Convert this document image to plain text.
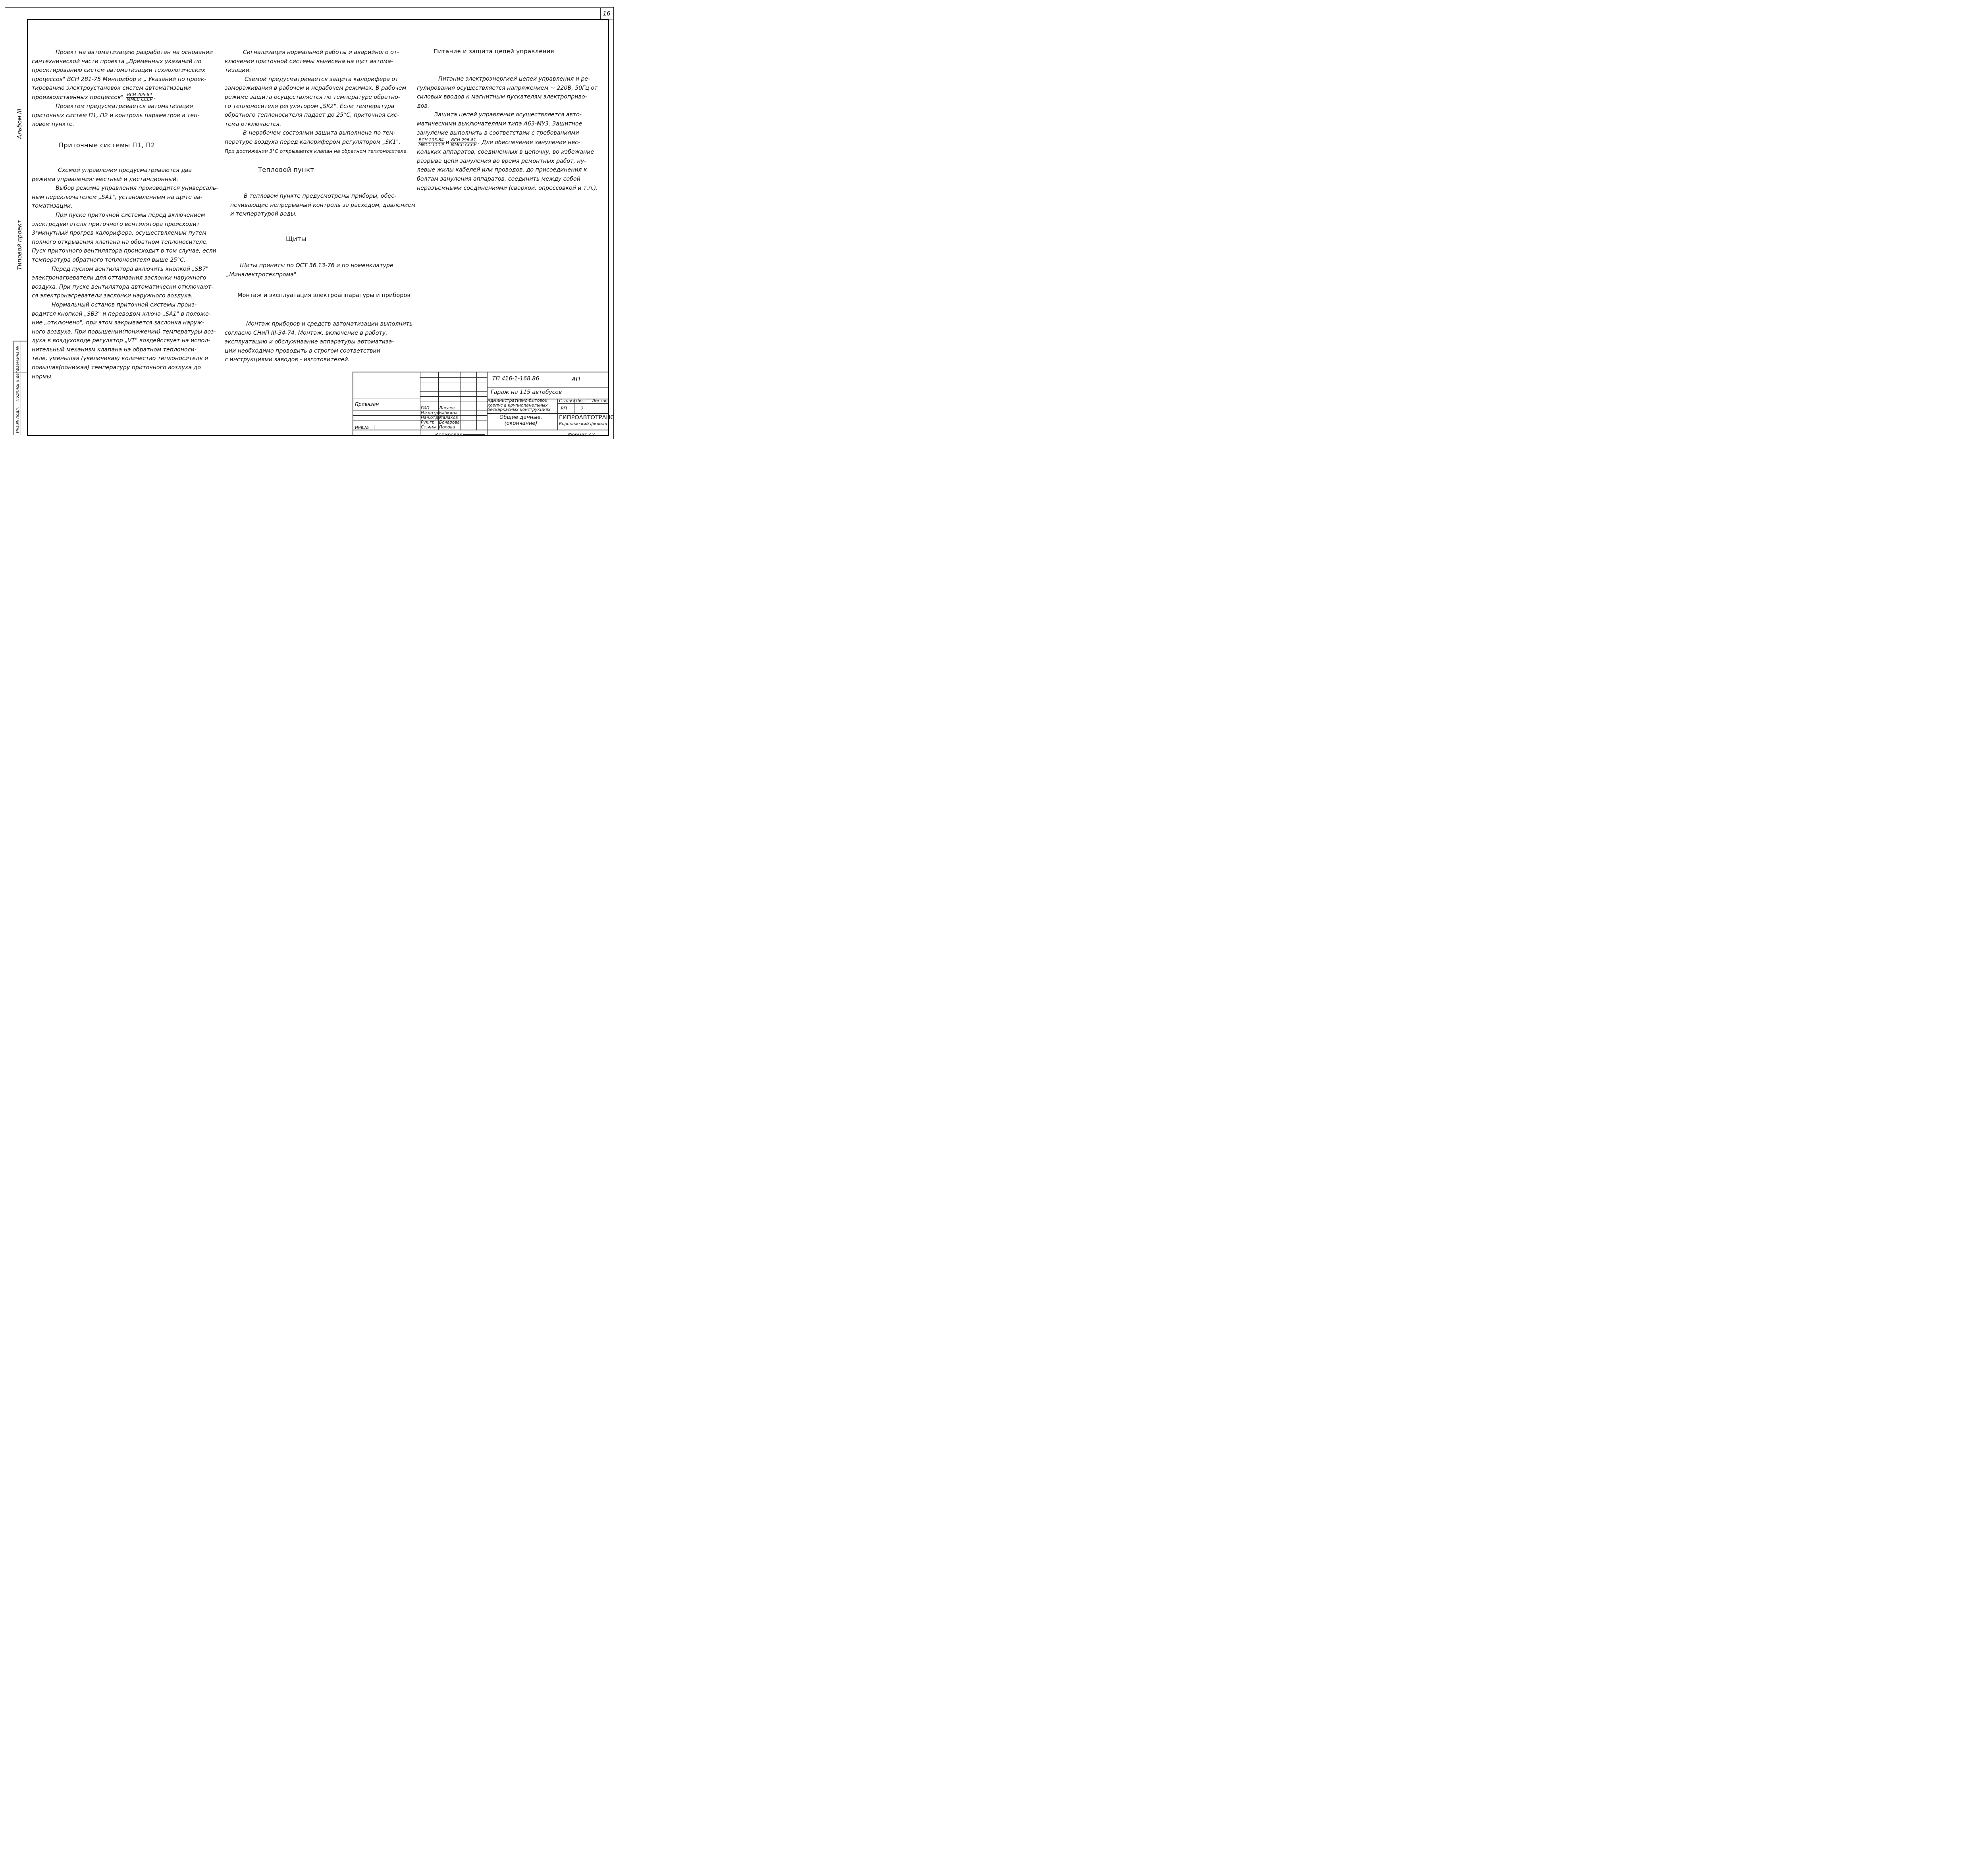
16
Альбом III
Типовой проект
Инв.№ подл.
Подпись и дата
Взам.инв.№

Проект на автоматизацию разработан на основании

сантехнической части проекта „Временных указаний по

проектированию систем автоматизации технологических

процессов" ВСН 281-75 Минприбор и „ Указаний по проек-

тированию электроустановок систем автоматизации

производственных процессов" $\frac{\text{ВСН 205-84}}{\text{ММСС СССР}}$ .

Проектом предусматривается автоматизация

приточных систем П1, П2 и контроль параметров в теп-

ловом пункте.

Приточные системы П1, П2

Схемой управления предусматриваются два

режима управления: местный и дистанционный.

Выбор режима управления производится универсаль-

ным переключателем „SA1", установленным на щите ав-

томатизации.

При пуске приточной системы перед включением

электродвигателя приточного вентилятора происходит

3ˣминутный прогрев калорифера, осуществляемый путем

полного открывания клапана на обратном теплоносителе.

Пуск приточного вентилятора происходит в том случае, если

температура обратного теплоносителя выше 25°С.

Перед пуском вентилятора включить кнопкой „SB7"

электронагреватели для оттаивания заслонки наружного

воздуха. При пуске вентилятора автоматически отключают-

ся электронагреватели заслонки наружного воздуха.

Нормальный останов приточной системы произ-

водится кнопкой „SB3" и переводом ключа „SA1" в положе-

ние „отключено", при этом закрывается заслонка наруж-

ного воздуха. При повышении(понижении) температуры воз-

духа в воздуховоде регулятор „VT" воздействует на испол-

нительный механизм клапана на обратном теплоноси-

теле, уменьшая (увеличивая) количество теплоносителя и

повышая(понижая) температуру приточного воздуха до

нормы.

Сигнализация нормальной работы и аварийного от-

ключения приточной системы вынесена на щит автома-

тизации.

Схемой предусматривается защита калорифера от

замораживания в рабочем и нерабочем режимах. В рабочем

режиме защита осуществляется по температуре обратно-

го теплоносителя регулятором „SK2". Если температура

обратного теплоносителя падает до 25°С, приточная сис-

тема отключается.

В нерабочем состоянии защита выполнена по тем-

пературе воздуха перед калорифером регулятором „SK1".

При достижении 3°С открывается клапан на обратном теплоносителе.

Тепловой пункт

В тепловом пункте предусмотрены приборы, обес-

печивающие непрерывный контроль за расходом, давлением

и температурой воды.

Щиты

Щиты приняты по ОСТ 36.13-76 и по номенклатуре

„Минэлектротехпрома".

Монтаж и эксплуатация электроаппаратуры и приборов

Монтаж приборов и средств автоматизации выполнить

согласно СНиП III-34-74. Монтаж, включение в работу,

эксплуатацию и обслуживание аппаратуры автоматиза-

ции необходимо проводить в строгом соответствии

с инструкциями заводов - изготовителей.

Питание и защита цепей управления

Питание электроэнергией цепей управления и ре-

гулирования осуществляется напряжением ~ 220В, 50Гц от

силовых вводов к магнитным пускателям электроприво-

дов.

Защита цепей управления осуществляется авто-

матическими выключателями типа А63-МУ3. Защитное

зануление выполнить в соответствии с требованиями

$\frac{\text{ВСН 205-84}}{\text{ММСС СССР}}$ и $\frac{\text{ВСН 296-81}}{\text{ММСС СССР}}$ . Для обеспечения зануления нес-

кольких аппаратов, соединенных в цепочку, во избежание

разрыва цепи зануления во время ремонтных работ, ну-

левые жилы кабелей или проводов, до присоединения к

болтам зануления аппаратов, соединить между собой

неразъемными соединениями (сваркой, опрессовкой и т.п.).

Привязан
Инв.№
ГИП Ласаев
Н.контр. Бабкина
Нач.отд.
Малахов
Рук.гр. Бочарова
Ст.инж. Попова
ТП 416-1-168.86	АП
Гараж на 115 автобусов
Административно-бытовой
корпус в крупнопанельных
бескаркасных конструкциях
Стадия Лист Листов
РП	2
Общие данные.
(окончание)
ГИПРОАВТОТРАНС
Воронежский филиал
Копировал:	Формат А2
